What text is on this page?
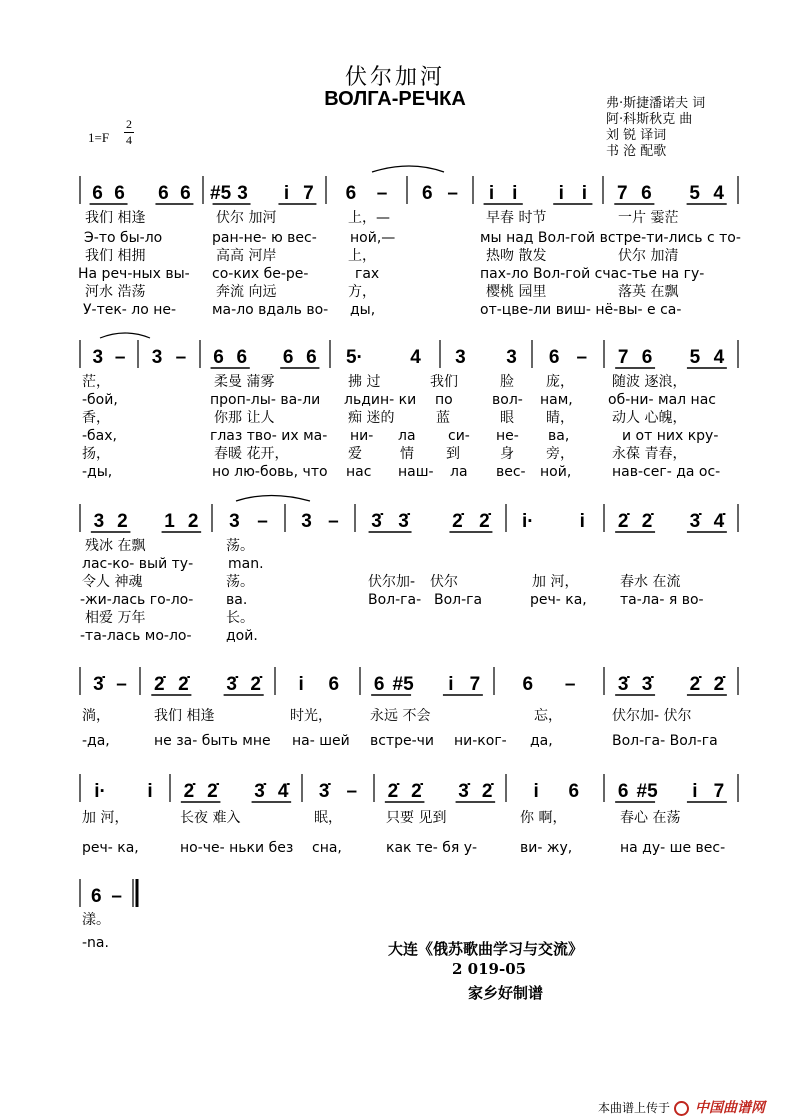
伏尔加河
ВОЛГА-РЕЧКА	弗·斯捷潘诺夫 词
阿·科斯秋克 曲
刘 锐 译词
书 沧 配歌
1=F
2
4
6 6 6 6 #5 3 i 7 6 – 6 – i i i i 7 6 5 4
我们 相逢	伏尔 加河	上，—	早春 时节	一片 霎茫
Э-то бы-ло	ран-не- ю вес- ной,—	мы над Вол-гой встре-ти-лись с то-
我们 相拥	高高 河岸	上，	热吻 散发	伏尔 加清
На реч-ных вы- со-ких бе-ре-	гах	пах-ло Вол-гой счас-тье на гу-
河水 浩荡	奔流 向远	方，	樱桃 园里	落英 在飘
У-тек- ло не-	ма-ло вдаль во- ды,	от-цве-ли виш- нё-вы- е са-
3 – 3 – 6 6 6 6 5· 4 3 3 6 – 7 6 5 4
茫，	柔曼 蒲雾	拂 过	我们	脸 庞，	随波 逐浪，
-бой,	проп-лы- ва-ли льдин- ки по	вол- нам,	об-ни- мал нас
香，	你那 让人	痴 迷的	蓝	眼 睛，	动人 心魄，
-бах,	глаз тво- их ма- ни- ла си- не- ва,	и от них кру-
扬，	春暖 花开，	爱	情 到	身 旁，	永葆 青春，
-ды,	но лю-бовь, что нас наш- ла вес- ной,	нав-сег- да ос-
3 2 1 2 3 – 3 – 3̇ 3̇ 2̇ 2̇ i· i 2̇ 2̇ 3̇ 4̇
残冰 在飘	荡。
лас-ко- вый ту- man.
令人 神魂	荡。	伏尔加- 伏尔	加 河，	春水 在流
-жи-лась го-ло- ва.	Вол-га- Вол-га	реч- ка, та-ла- я во-
相爱 万年	长。
-та-лась мо-ло- дой.
3̇ – 2̇ 2̇ 3̇ 2̇ i 6 6 #5 i 7 6 – 3̇ 3̇ 2̇ 2̇
淌，	我们 相逢	时光，	永远 不会	忘，	伏尔加- 伏尔
-да,	не за- быть мне на- шей встре-чи ни-ког- да,	Вол-га- Вол-га
i· i 2̇ 2̇ 3̇ 4̇ 3̇ – 2̇ 2̇ 3̇ 2̇ i 6 6 #5 i 7
加 河，	长夜 难入	眠，	只要 见到	你 啊，	春心 在荡
реч- ка,	но-че- ньки без сна,	как те- бя у-	ви- жу,	на ду- ше вес-
6 –
漾。
-na.	大连《俄苏歌曲学习与交流》
2 019-05
家乡好制谱
本曲谱上传于 中国曲谱网
